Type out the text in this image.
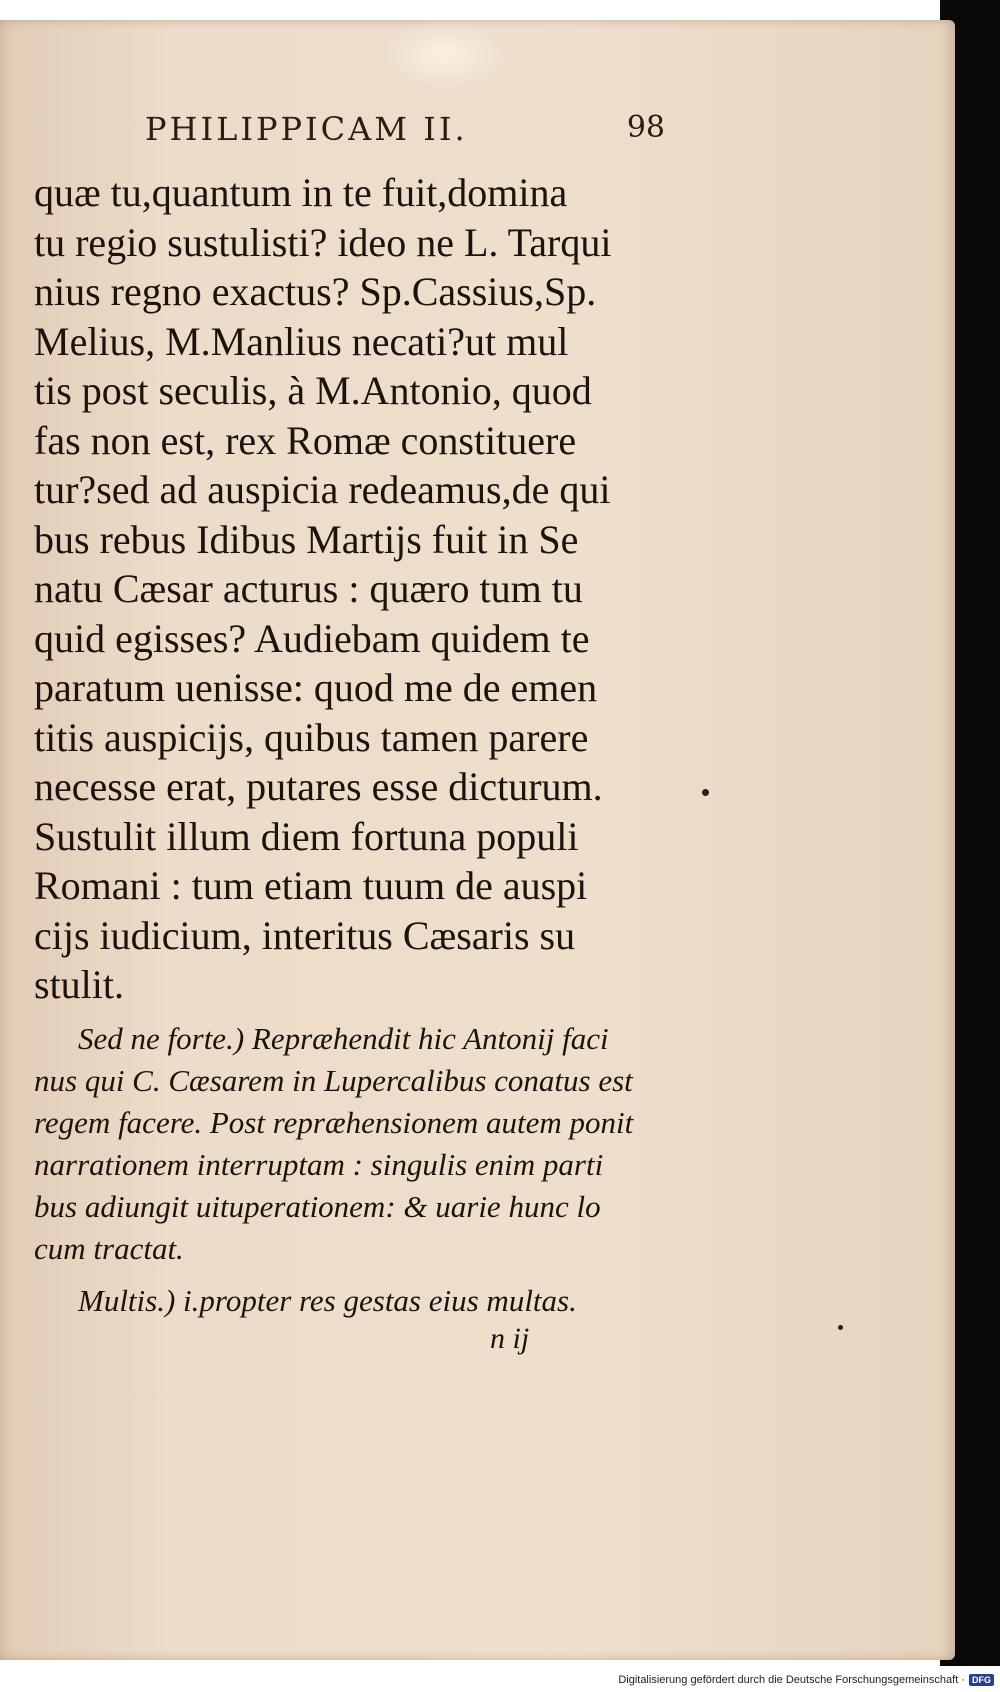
PHILIPPICAM II.	98
quæ tu,quantum in te fuit,domina
tu regio sustulisti? ideo ne L. Tarqui
nius regno exactus? Sp.Cassius,Sp.
Melius, M.Manlius necati?ut mul
tis post seculis, à M.Antonio, quod
fas non est, rex Romæ constituere
tur?sed ad auspicia redeamus,de qui
bus rebus Idibus Martijs fuit in Se
natu Cæsar acturus : quæro tum tu
quid egisses? Audiebam quidem te
paratum uenisse: quod me de emen
titis auspicijs, quibus tamen parere
necesse erat, putares esse dicturum.
Sustulit illum diem fortuna populi
Romani : tum etiam tuum de auspi
cijs iudicium, interitus Cæsaris su
stulit.
Sed ne forte.) Repræhendit hic Antonij faci
nus qui C. Cæsarem in Lupercalibus conatus est
regem facere. Post repræhensionem autem ponit
narrationem interruptam : singulis enim parti
bus adiungit uituperationem: & uarie hunc lo
cum tractat.
Multis.) i.propter res gestas eius multas.
n ij
Digitalisierung gefördert durch die Deutsche Forschungsgemeinschaft · DFG
